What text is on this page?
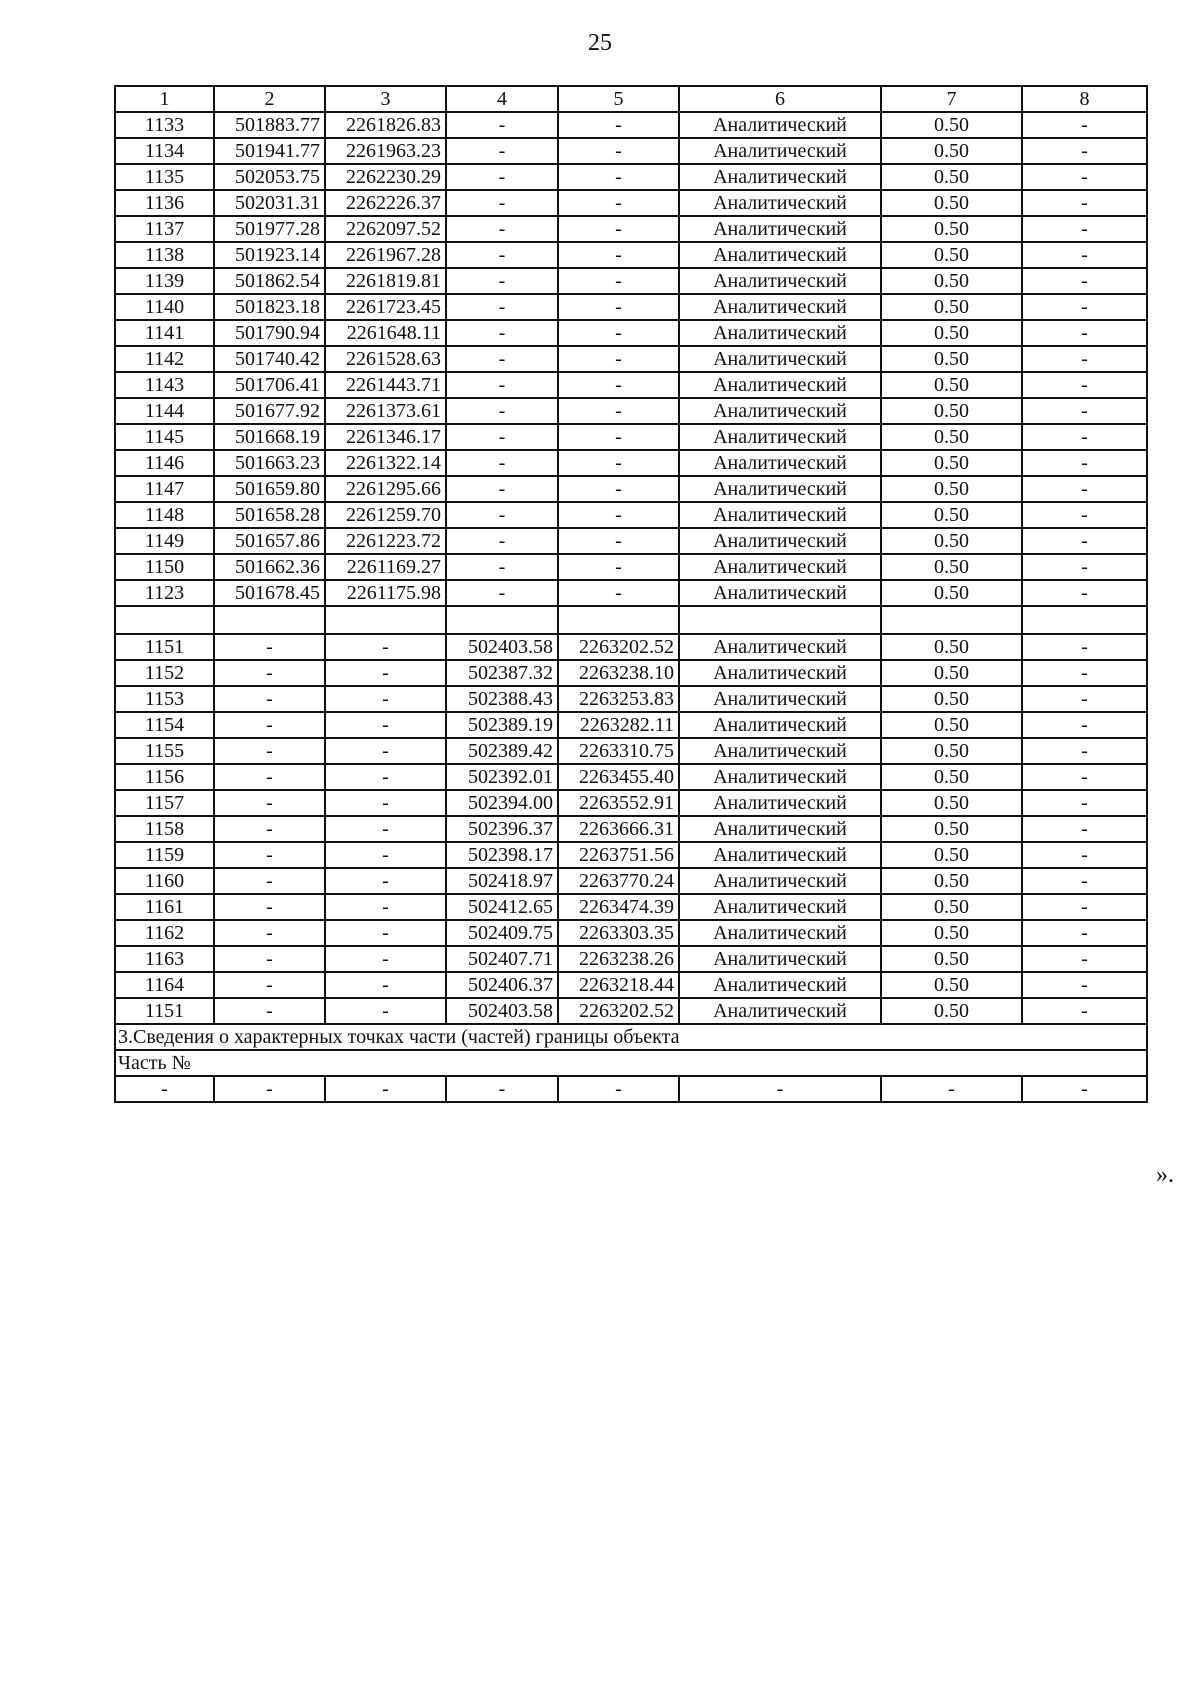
25
1	2	3	4	5	6	7	8
1133	501883.77	2261826.83	-	-	Аналитический	0.50	-
1134	501941.77	2261963.23	-	-	Аналитический	0.50	-
1135	502053.75	2262230.29	-	-	Аналитический	0.50	-
1136	502031.31	2262226.37	-	-	Аналитический	0.50	-
1137	501977.28	2262097.52	-	-	Аналитический	0.50	-
1138	501923.14	2261967.28	-	-	Аналитический	0.50	-
1139	501862.54	2261819.81	-	-	Аналитический	0.50	-
1140	501823.18	2261723.45	-	-	Аналитический	0.50	-
1141	501790.94	2261648.11	-	-	Аналитический	0.50	-
1142	501740.42	2261528.63	-	-	Аналитический	0.50	-
1143	501706.41	2261443.71	-	-	Аналитический	0.50	-
1144	501677.92	2261373.61	-	-	Аналитический	0.50	-
1145	501668.19	2261346.17	-	-	Аналитический	0.50	-
1146	501663.23	2261322.14	-	-	Аналитический	0.50	-
1147	501659.80	2261295.66	-	-	Аналитический	0.50	-
1148	501658.28	2261259.70	-	-	Аналитический	0.50	-
1149	501657.86	2261223.72	-	-	Аналитический	0.50	-
1150	501662.36	2261169.27	-	-	Аналитический	0.50	-
1123	501678.45	2261175.98	-	-	Аналитический	0.50	-

1151	-	-	502403.58	2263202.52	Аналитический	0.50	-
1152	-	-	502387.32	2263238.10	Аналитический	0.50	-
1153	-	-	502388.43	2263253.83	Аналитический	0.50	-
1154	-	-	502389.19	2263282.11	Аналитический	0.50	-
1155	-	-	502389.42	2263310.75	Аналитический	0.50	-
1156	-	-	502392.01	2263455.40	Аналитический	0.50	-
1157	-	-	502394.00	2263552.91	Аналитический	0.50	-
1158	-	-	502396.37	2263666.31	Аналитический	0.50	-
1159	-	-	502398.17	2263751.56	Аналитический	0.50	-
1160	-	-	502418.97	2263770.24	Аналитический	0.50	-
1161	-	-	502412.65	2263474.39	Аналитический	0.50	-
1162	-	-	502409.75	2263303.35	Аналитический	0.50	-
1163	-	-	502407.71	2263238.26	Аналитический	0.50	-
1164	-	-	502406.37	2263218.44	Аналитический	0.50	-
1151	-	-	502403.58	2263202.52	Аналитический	0.50	-
3.Сведения о характерных точках части (частей) границы объекта							
Часть №							
-	-	-	-	-	-	-	-
».
